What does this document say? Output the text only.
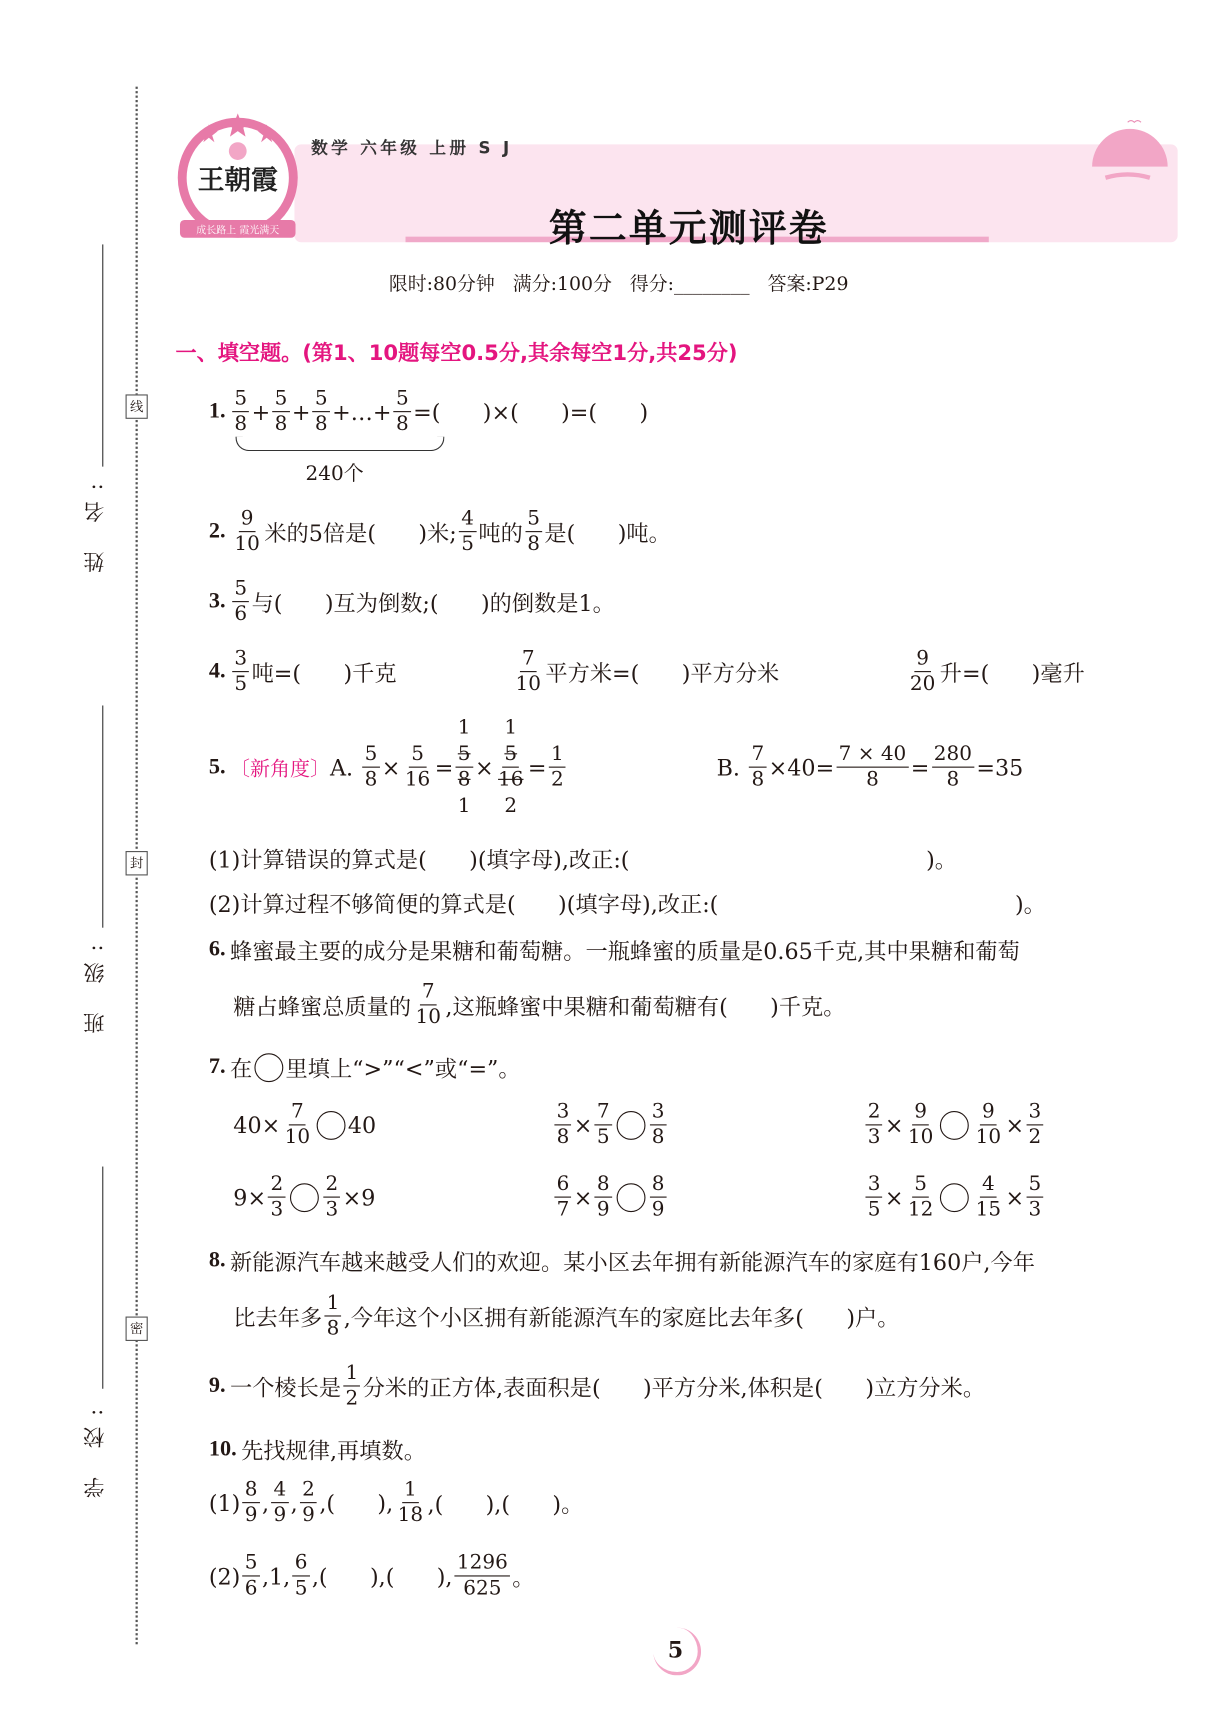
姓 名:
班 级:
学 校:
线
封
密
王朝霞
成长路上 霞光满天
数学 六年级 上册 S J
第二单元测评卷
限时:80分钟   满分:100分   得分:________   答案:P29
一、填空题。(第1、10题每空0.5分,其余每空1分,共25分)
1. $\frac{5}{8} + \frac{5}{8} + \frac{5}{8}$ +…+ $\frac{5}{8}$ =(      )×(      )=(      )
240个
2. $\frac{9}{10}$ 米的5倍是(      )米; $\frac{4}{5}$ 吨的 $\frac{5}{8}$ 是(      )吨。
3. $\frac{5}{6}$ 与(      )互为倒数;(      )的倒数是1。
4. $\frac{3}{5}$ 吨=(      )千克	$\frac{7}{10}$ 平方米=(      )平方分米	$\frac{9}{20}$ 升=(      )毫升
5. 〔新角度〕 A. $\frac{5}{8} \times \frac{5}{16}$ =
5
8
1
1
×
5
16
1
2
= $\frac{1}{2}$	B. $\frac{7}{8} \times 40= \frac{7 \times 40}{8} = \frac{280}{8} =35$
(1)计算错误的算式是(      )(填字母),改正:(                                          )。
(2)计算过程不够简便的算式是(      )(填字母),改正:(                                          )。
6. 蜂蜜最主要的成分是果糖和葡萄糖。一瓶蜂蜜的质量是0.65千克,其中果糖和葡萄
糖占蜂蜜总质量的 $\frac{7}{10}$ ,这瓶蜂蜜中果糖和葡萄糖有(      )千克。
7. 在 里填上“>”“<”或“=”。
$40\times \frac{7}{10} 40$	$\frac{3}{8} \times \frac{7}{5} \frac{3}{8}$	$\frac{2}{3} \times \frac{9}{10} \frac{9}{10} \times \frac{3}{2}$
$9\times \frac{2}{3} \frac{2}{3} \times 9$	$\frac{6}{7} \times \frac{8}{9} \frac{8}{9}$	$\frac{3}{5} \times \frac{5}{12} \frac{4}{15} \times \frac{5}{3}$
8. 新能源汽车越来越受人们的欢迎。某小区去年拥有新能源汽车的家庭有160户,今年
比去年多 $\frac{1}{8}$ ,今年这个小区拥有新能源汽车的家庭比去年多(      )户。
9. 一个棱长是 $\frac{1}{2}$ 分米的正方体,表面积是(      )平方分米,体积是(      )立方分米。
10. 先找规律,再填数。
$(1) \frac{8}{9}$ , $\frac{4}{9}$ , $\frac{2}{9}$ ,(      ), $\frac{1}{18}$ ,(      ),(      )。
$(2) \frac{5}{6} ,1$, $\frac{6}{5}$ ,(      ),(      ), $\frac{1296}{625}$ 。
5
